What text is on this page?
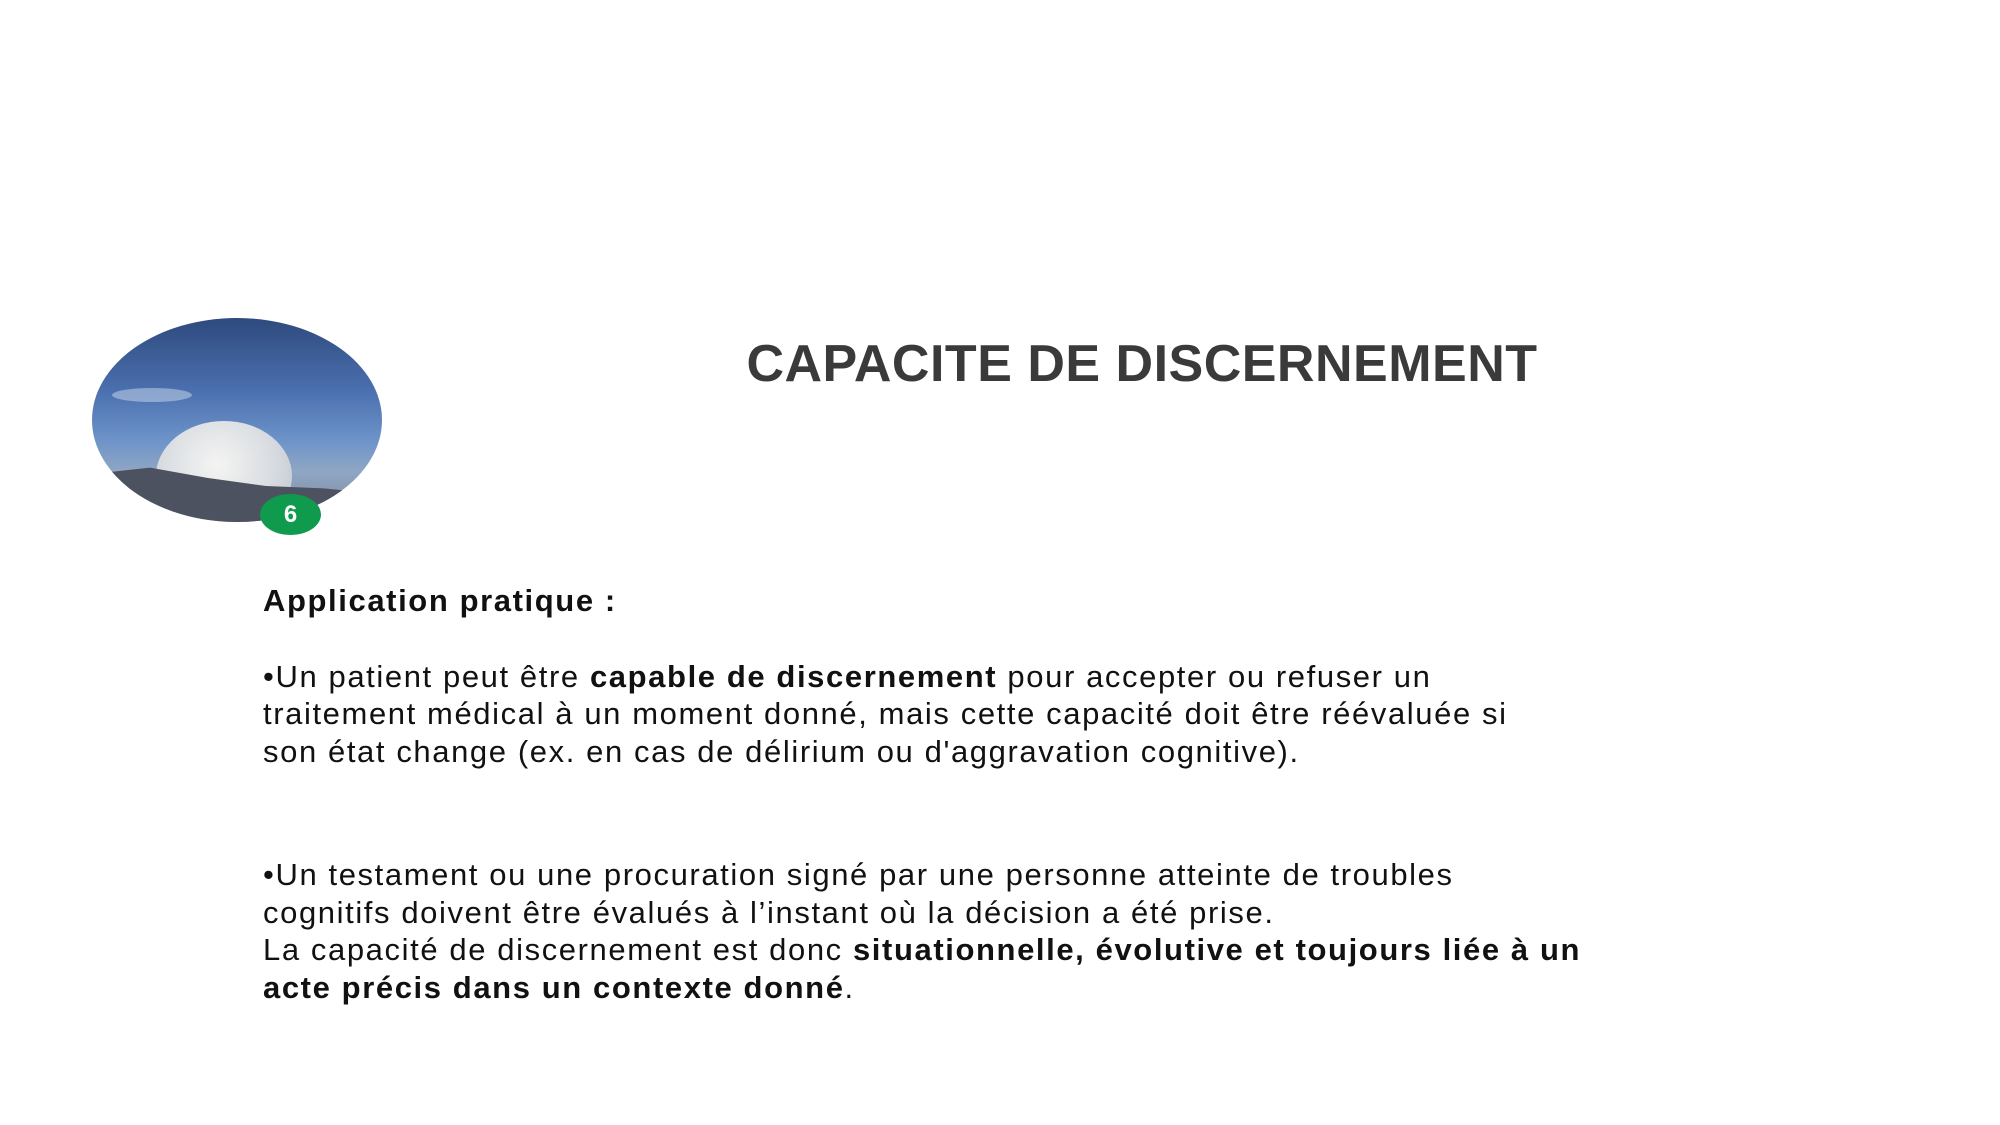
6
CAPACITE DE DISCERNEMENT
Application pratique :
•Un patient peut être capable de discernement pour accepter ou refuser un
traitement médical à un moment donné, mais cette capacité doit être réévaluée si
son état change (ex. en cas de délirium ou d'aggravation cognitive).
•Un testament ou une procuration signé par une personne atteinte de troubles
cognitifs doivent être évalués à l’instant où la décision a été prise.
La capacité de discernement est donc situationnelle, évolutive et toujours liée à un
acte précis dans un contexte donné.
